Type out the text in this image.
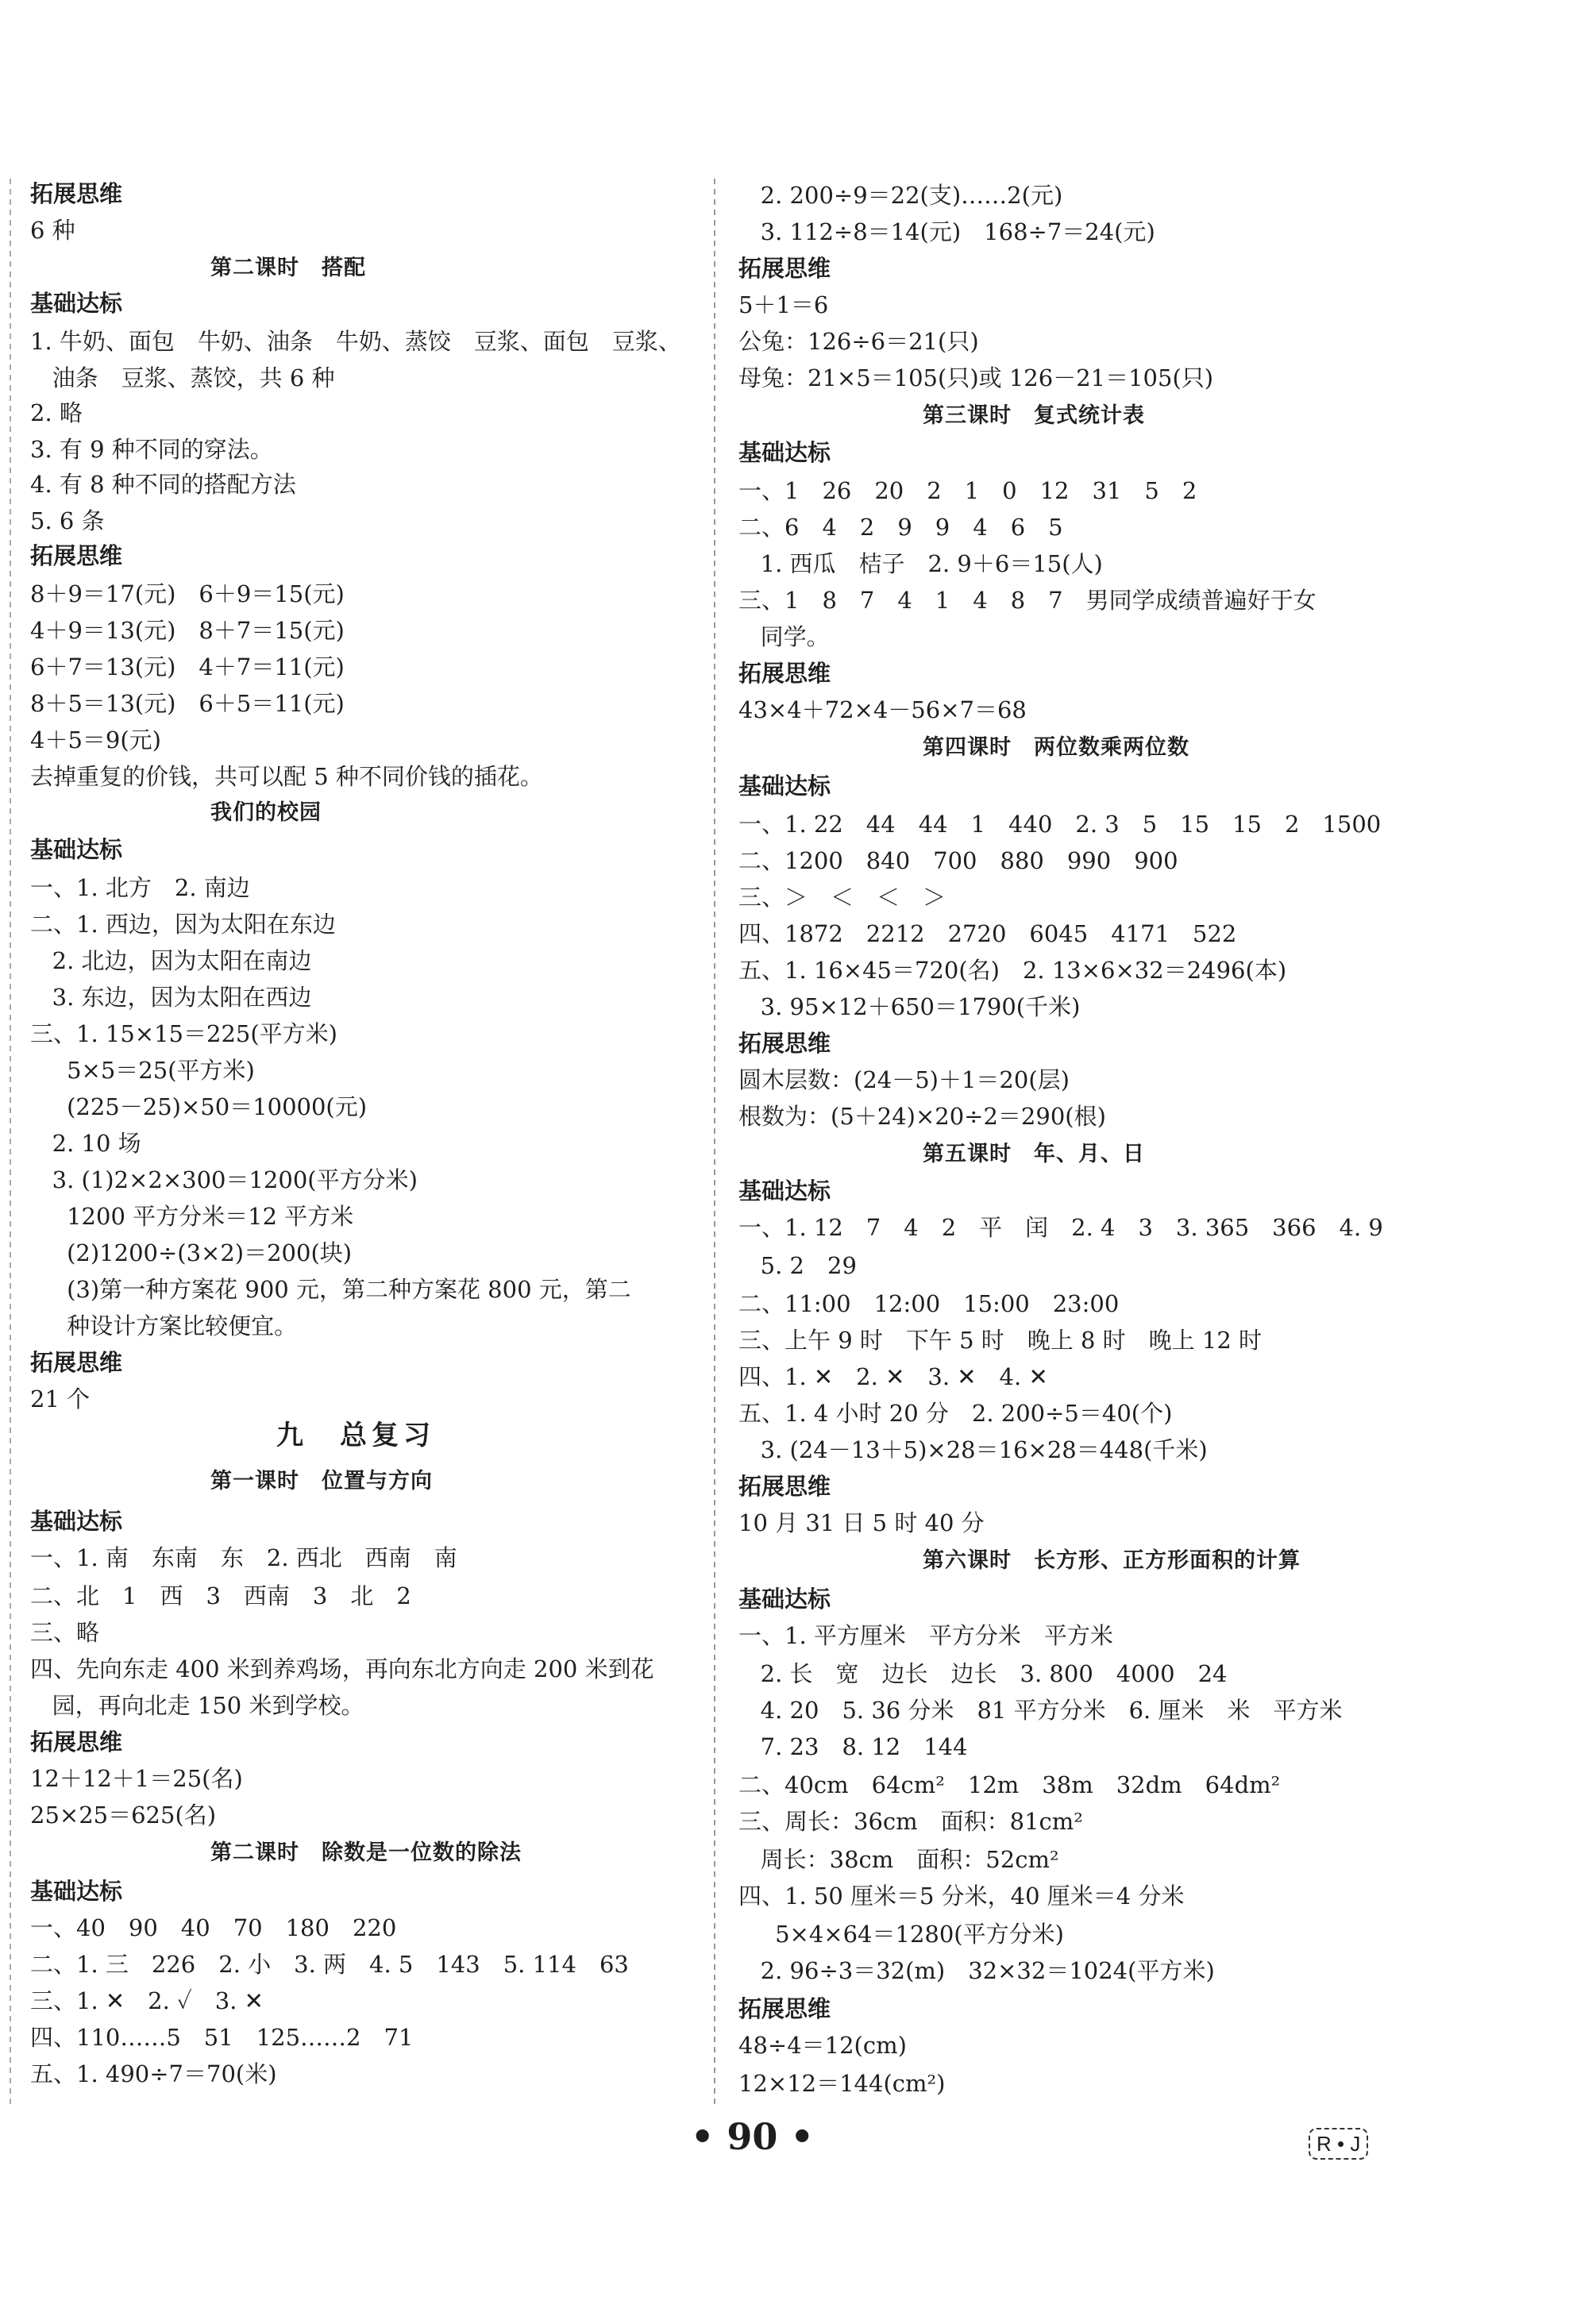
拓展思维
6 种
第二课时　搭配
基础达标
1. 牛奶、面包　牛奶、油条　牛奶、蒸饺　豆浆、面包　豆浆、
油条　豆浆、蒸饺，共 6 种
2. 略
3. 有 9 种不同的穿法。
4. 有 8 种不同的搭配方法
5. 6 条
拓展思维
8＋9＝17(元)　6＋9＝15(元)
4＋9＝13(元)　8＋7＝15(元)
6＋7＝13(元)　4＋7＝11(元)
8＋5＝13(元)　6＋5＝11(元)
4＋5＝9(元)
去掉重复的价钱，共可以配 5 种不同价钱的插花。
我们的校园
基础达标
一、1. 北方　2. 南边
二、1. 西边，因为太阳在东边
2. 北边，因为太阳在南边
3. 东边，因为太阳在西边
三、1. 15×15＝225(平方米)
5×5＝25(平方米)
(225－25)×50＝10000(元)
2. 10 场
3. (1)2×2×300＝1200(平方分米)
1200 平方分米＝12 平方米
(2)1200÷(3×2)＝200(块)
(3)第一种方案花 900 元，第二种方案花 800 元，第二
种设计方案比较便宜。
拓展思维
21 个
九　总复习
第一课时　位置与方向
基础达标
一、1. 南　东南　东　2. 西北　西南　南
二、北　1　西　3　西南　3　北　2
三、略
四、先向东走 400 米到养鸡场，再向东北方向走 200 米到花
园，再向北走 150 米到学校。
拓展思维
12＋12＋1＝25(名)
25×25＝625(名)
第二课时　除数是一位数的除法
基础达标
一、40　90　40　70　180　220
二、1. 三　226　2. 小　3. 两　4. 5　143　5. 114　63
三、1. ✕　2. ✓　3. ✕
四、110……5　51　125……2　71
五、1. 490÷7＝70(米)
2. 200÷9＝22(支)……2(元)
3. 112÷8＝14(元)　168÷7＝24(元)
拓展思维
5＋1＝6
公兔：126÷6＝21(只)
母兔：21×5＝105(只)或 126－21＝105(只)
第三课时　复式统计表
基础达标
一、1　26　20　2　1　0　12　31　5　2
二、6　4　2　9　9　4　6　5
1. 西瓜　桔子　2. 9＋6＝15(人)
三、1　8　7　4　1　4　8　7　男同学成绩普遍好于女
同学。
拓展思维
43×4＋72×4－56×7＝68
第四课时　两位数乘两位数
基础达标
一、1. 22　44　44　1　440　2. 3　5　15　15　2　1500
二、1200　840　700　880　990　900
三、＞　＜　＜　＞
四、1872　2212　2720　6045　4171　522
五、1. 16×45＝720(名)　2. 13×6×32＝2496(本)
3. 95×12＋650＝1790(千米)
拓展思维
圆木层数：(24－5)＋1＝20(层)
根数为：(5＋24)×20÷2＝290(根)
第五课时　年、月、日
基础达标
一、1. 12　7　4　2　平　闰　2. 4　3　3. 365　366　4. 9
5. 2　29
二、11:00　12:00　15:00　23:00
三、上午 9 时　下午 5 时　晚上 8 时　晚上 12 时
四、1. ✕　2. ✕　3. ✕　4. ✕
五、1. 4 小时 20 分　2. 200÷5＝40(个)
3. (24－13＋5)×28＝16×28＝448(千米)
拓展思维
10 月 31 日 5 时 40 分
第六课时　长方形、正方形面积的计算
基础达标
一、1. 平方厘米　平方分米　平方米
2. 长　宽　边长　边长　3. 800　4000　24
4. 20　5. 36 分米　81 平方分米　6. 厘米　米　平方米
7. 23　8. 12　144
二、40cm　64cm²　12m　38m　32dm　64dm²
三、周长：36cm　面积：81cm²
周长：38cm　面积：52cm²
四、1. 50 厘米＝5 分米，40 厘米＝4 分米
5×4×64＝1280(平方分米)
2. 96÷3＝32(m)　32×32＝1024(平方米)
拓展思维
48÷4＝12(cm)
12×12＝144(cm²)
• 90 •	R • J
